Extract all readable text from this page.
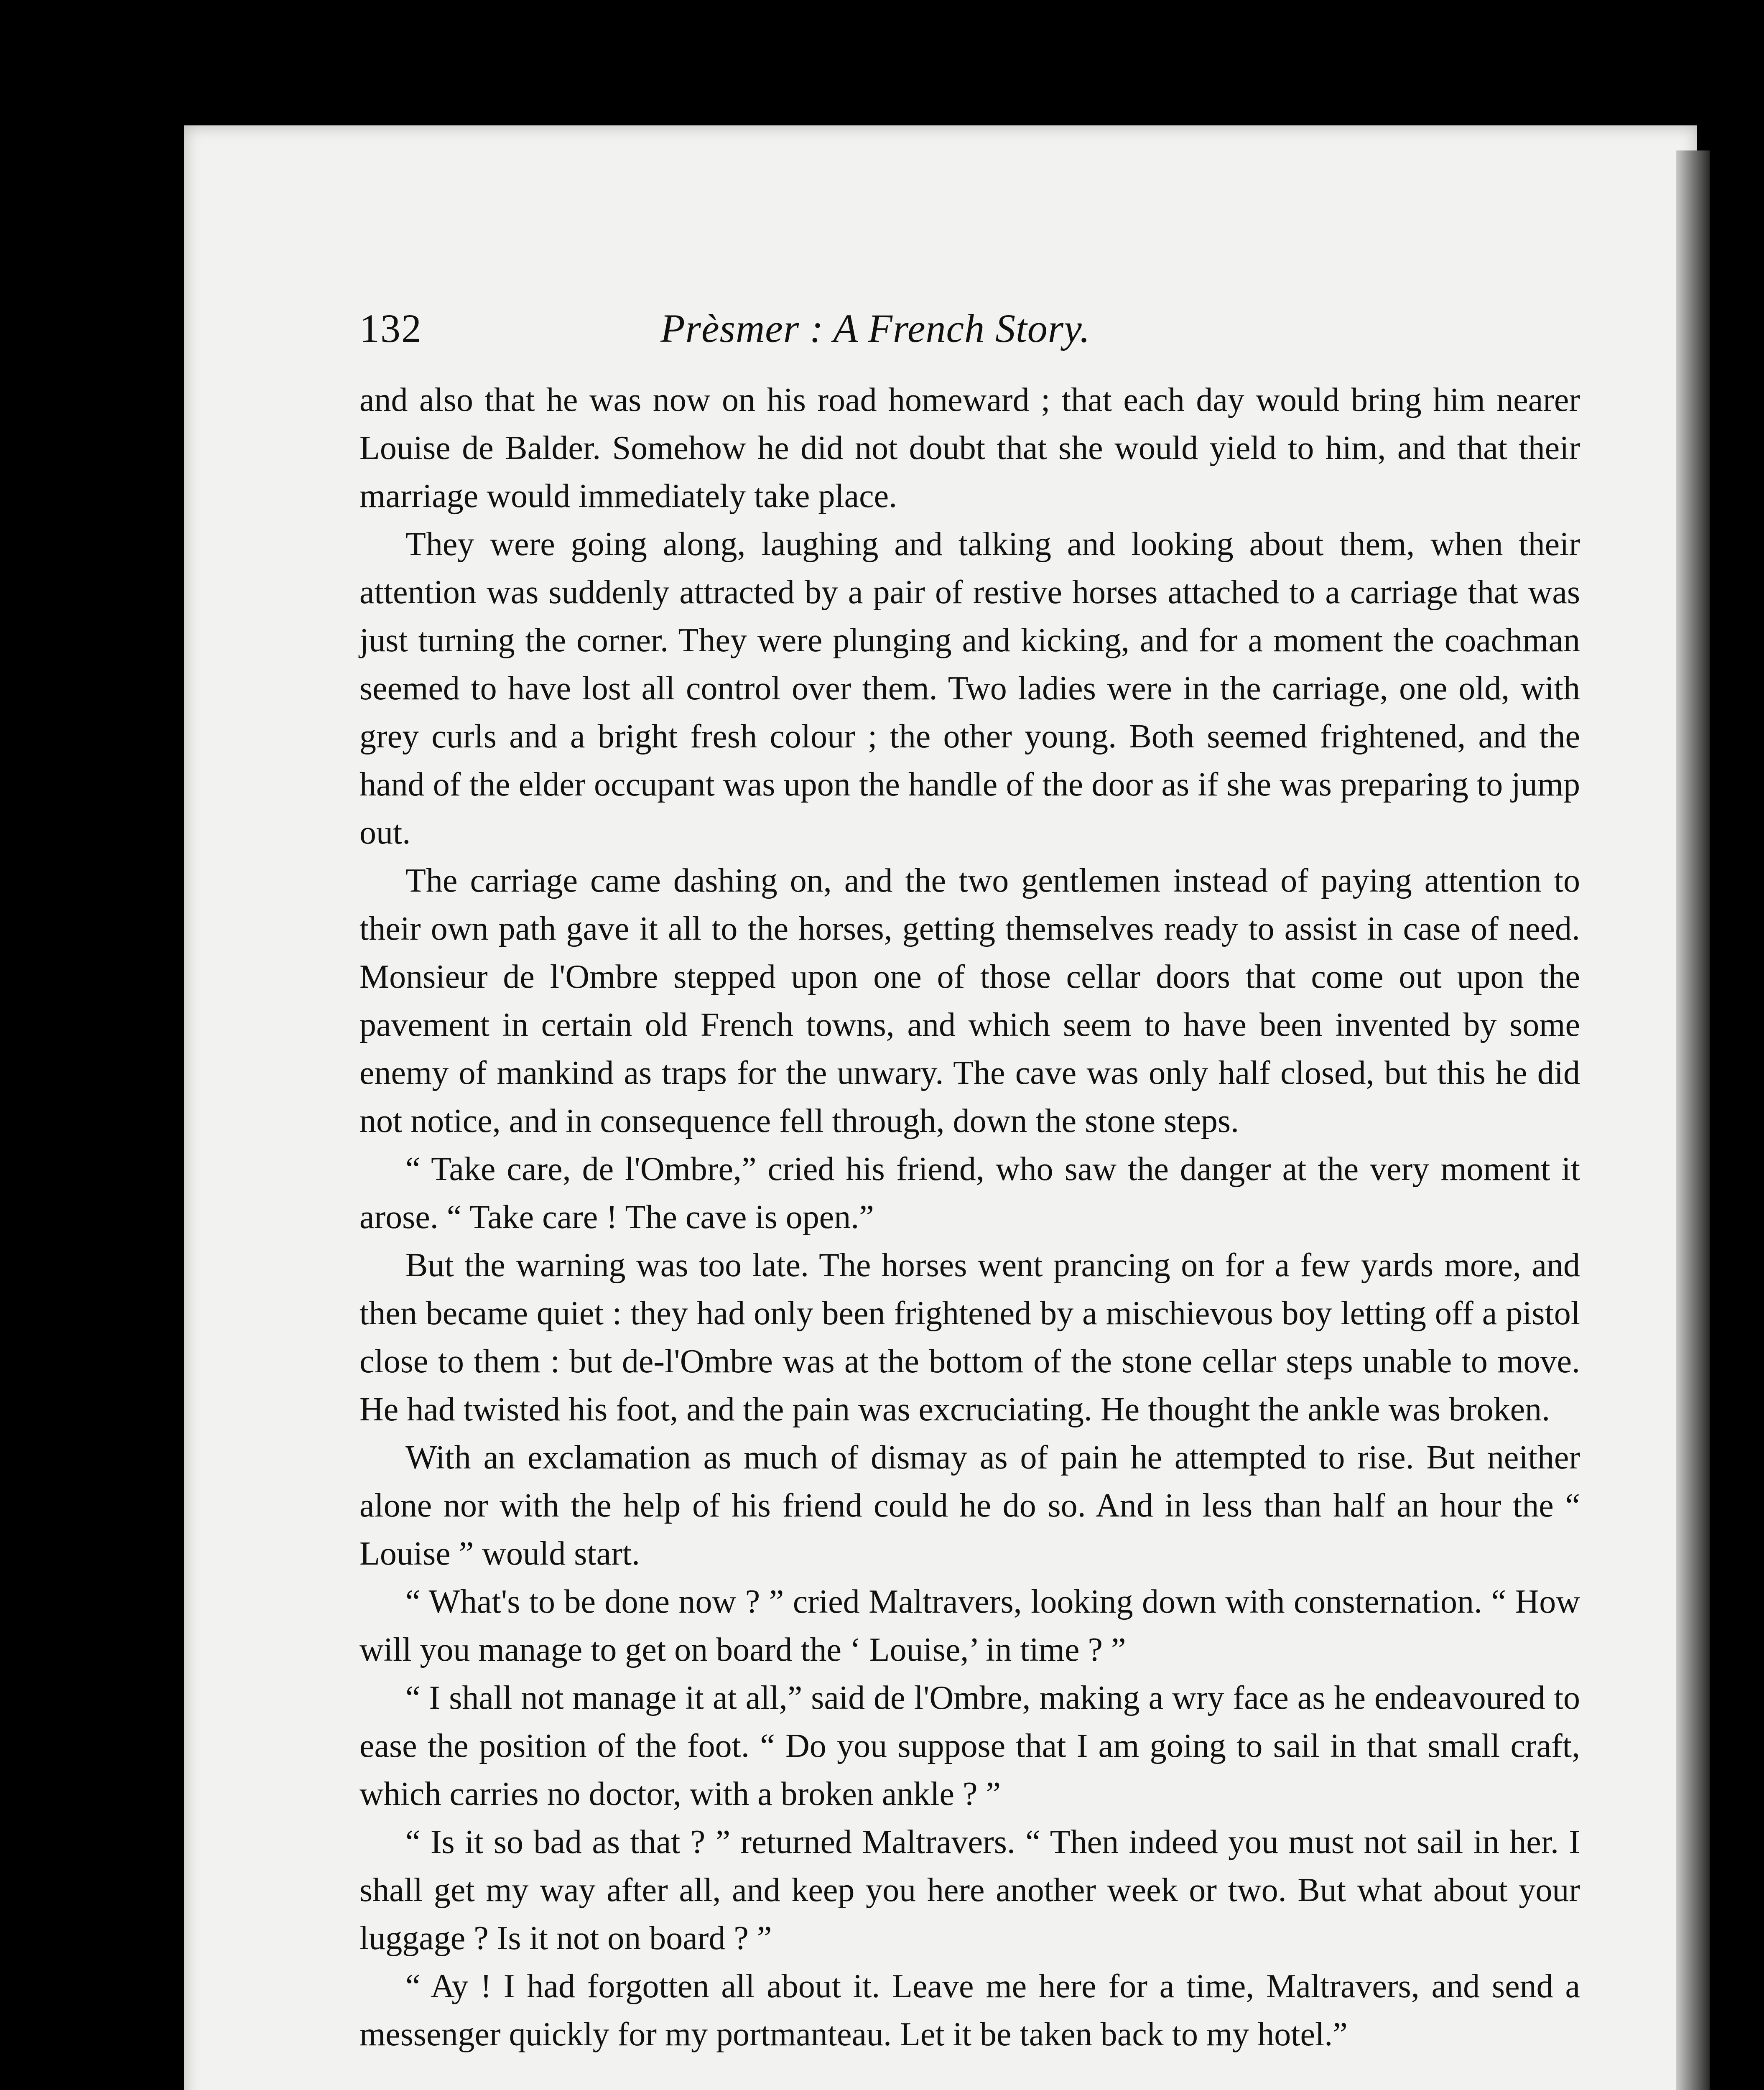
132	Prèsmer : A French Story.

and also that he was now on his road homeward ; that each day would bring him nearer Louise de Balder. Somehow he did not doubt that she would yield to him, and that their marriage would immediately take place.

They were going along, laughing and talking and looking about them, when their attention was suddenly attracted by a pair of restive horses attached to a carriage that was just turning the corner. They were plunging and kicking, and for a moment the coachman seemed to have lost all control over them. Two ladies were in the carriage, one old, with grey curls and a bright fresh colour ; the other young. Both seemed frightened, and the hand of the elder occupant was upon the handle of the door as if she was preparing to jump out.

The carriage came dashing on, and the two gentlemen instead of paying attention to their own path gave it all to the horses, getting themselves ready to assist in case of need. Monsieur de l'Ombre stepped upon one of those cellar doors that come out upon the pavement in certain old French towns, and which seem to have been invented by some enemy of mankind as traps for the unwary. The cave was only half closed, but this he did not notice, and in consequence fell through, down the stone steps.

“ Take care, de l'Ombre,” cried his friend, who saw the danger at the very moment it arose. “ Take care ! The cave is open.”

But the warning was too late. The horses went prancing on for a few yards more, and then became quiet : they had only been frightened by a mischievous boy letting off a pistol close to them : but de-l'Ombre was at the bottom of the stone cellar steps unable to move. He had twisted his foot, and the pain was excruciating. He thought the ankle was broken.

With an exclamation as much of dismay as of pain he attempted to rise. But neither alone nor with the help of his friend could he do so. And in less than half an hour the “ Louise ” would start.

“ What's to be done now ? ” cried Maltravers, looking down with consternation. “ How will you manage to get on board the ‘ Louise,’ in time ? ”

“ I shall not manage it at all,” said de l'Ombre, making a wry face as he endeavoured to ease the position of the foot. “ Do you suppose that I am going to sail in that small craft, which carries no doctor, with a broken ankle ? ”

“ Is it so bad as that ? ” returned Maltravers. “ Then indeed you must not sail in her. I shall get my way after all, and keep you here another week or two. But what about your luggage ? Is it not on board ? ”

“ Ay ! I had forgotten all about it. Leave me here for a time, Maltravers, and send a messenger quickly for my portmanteau. Let it be taken back to my hotel.”
